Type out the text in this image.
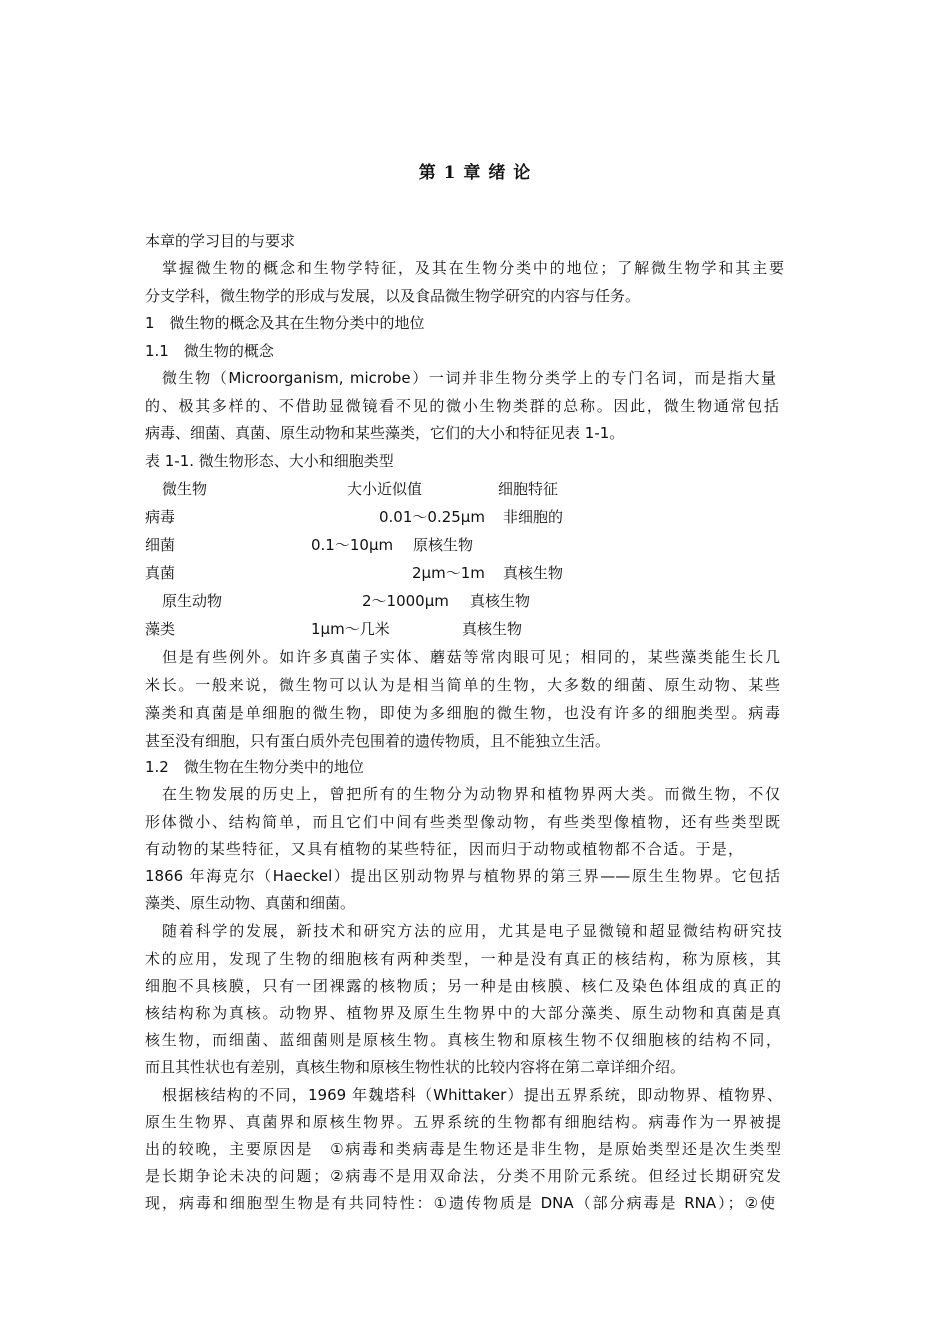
第 1 章 绪 论
本章的学习目的与要求
掌握微生物的概念和生物学特征，及其在生物分类中的地位；了解微生物学和其主要
分支学科，微生物学的形成与发展，以及食品微生物学研究的内容与任务。
1　微生物的概念及其在生物分类中的地位
1.1　微生物的概念
微生物（Microorganism, microbe）一词并非生物分类学上的专门名词，而是指大量
的、极其多样的、不借助显微镜看不见的微小生物类群的总称。因此，微生物通常包括
病毒、细菌、真菌、原生动物和某些藻类，它们的大小和特征见表 1-1。
表 1-1. 微生物形态、大小和细胞类型
微生物	大小近似值	细胞特征
病毒	0.01～0.25μm 非细胞的
细菌	0.1～10μm 原核生物
真菌	2μm～1m 真核生物
原生动物	2～1000μm 真核生物
藻类	1μm～几米	真核生物
但是有些例外。如许多真菌子实体、蘑菇等常肉眼可见；相同的，某些藻类能生长几
米长。一般来说，微生物可以认为是相当简单的生物，大多数的细菌、原生动物、某些
藻类和真菌是单细胞的微生物，即使为多细胞的微生物，也没有许多的细胞类型。病毒
甚至没有细胞，只有蛋白质外壳包围着的遗传物质，且不能独立生活。
1.2　微生物在生物分类中的地位
在生物发展的历史上，曾把所有的生物分为动物界和植物界两大类。而微生物，不仅
形体微小、结构简单，而且它们中间有些类型像动物，有些类型像植物，还有些类型既
有动物的某些特征，又具有植物的某些特征，因而归于动物或植物都不合适。于是，
1866 年海克尔（Haeckel）提出区别动物界与植物界的第三界——原生生物界。它包括
藻类、原生动物、真菌和细菌。
随着科学的发展，新技术和研究方法的应用，尤其是电子显微镜和超显微结构研究技
术的应用，发现了生物的细胞核有两种类型，一种是没有真正的核结构，称为原核，其
细胞不具核膜，只有一团裸露的核物质；另一种是由核膜、核仁及染色体组成的真正的
核结构称为真核。动物界、植物界及原生生物界中的大部分藻类、原生动物和真菌是真
核生物，而细菌、蓝细菌则是原核生物。真核生物和原核生物不仅细胞核的结构不同，
而且其性状也有差别，真核生物和原核生物性状的比较内容将在第二章详细介绍。
根据核结构的不同，1969 年魏塔科（Whittaker）提出五界系统，即动物界、植物界、
原生生物界、真菌界和原核生物界。五界系统的生物都有细胞结构。病毒作为一界被提
出的较晚，主要原因是　①病毒和类病毒是生物还是非生物，是原始类型还是次生类型
是长期争论未决的问题；②病毒不是用双命法，分类不用阶元系统。但经过长期研究发
现，病毒和细胞型生物是有共同特性：①遗传物质是 DNA（部分病毒是 RNA）；②使
